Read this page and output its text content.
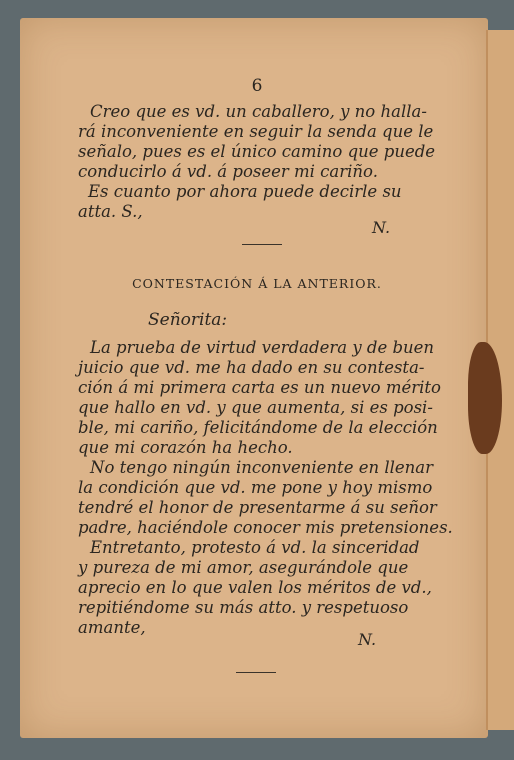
6
Creo que es vd. un caballero, y no halla-
rá inconveniente en seguir la senda que le
señalo, pues es el único camino que puede
conducirlo á vd. á poseer mi cariño.
Es cuanto por ahora puede decirle su
atta. S.,
N.
CONTESTACIÓN Á LA ANTERIOR.
Señorita:
La prueba de virtud verdadera y de buen
juicio que vd. me ha dado en su contesta-
ción á mi primera carta es un nuevo mérito
que hallo en vd. y que aumenta, si es posi-
ble, mi cariño, felicitándome de la elección
que mi corazón ha hecho.
No tengo ningún inconveniente en llenar
la condición que vd. me pone y hoy mismo
tendré el honor de presentarme á su señor
padre, haciéndole conocer mis pretensiones.
Entretanto, protesto á vd. la sinceridad
y pureza de mi amor, asegurándole que
aprecio en lo que valen los méritos de vd.,
repitiéndome su más atto. y respetuoso
amante,
N.
